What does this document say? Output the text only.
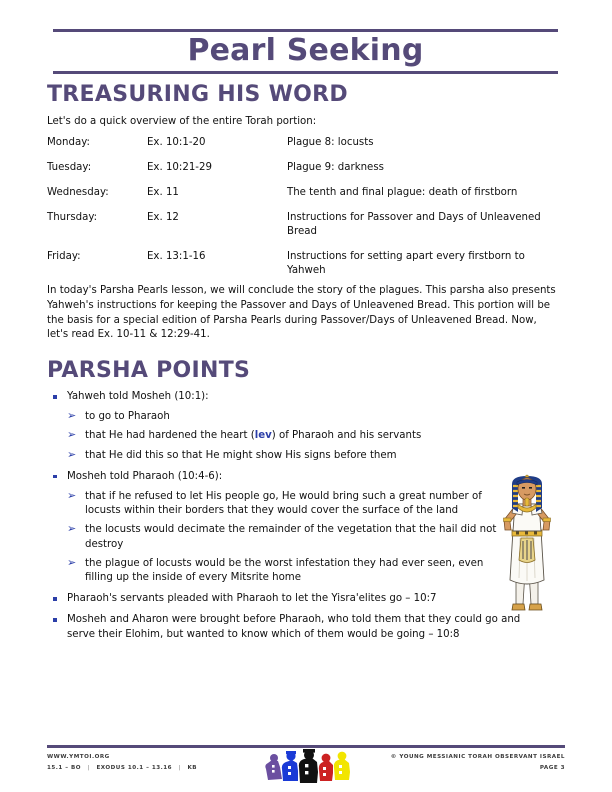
Pearl Seeking
TREASURING HIS WORD
Let's do a quick overview of the entire Torah portion:
Monday:	Ex. 10:1-20	Plague 8: locusts
Tuesday:	Ex. 10:21-29	Plague 9: darkness
Wednesday:	Ex. 11	The tenth and final plague: death of firstborn
Thursday:	Ex. 12	Instructions for Passover and Days of Unleavened Bread
Friday:	Ex. 13:1-16	Instructions for setting apart every firstborn to Yahweh
In today's Parsha Pearls lesson, we will conclude the story of the plagues. This parsha also presents Yahweh's instructions for keeping the Passover and Days of Unleavened Bread. This portion will be the basis for a special edition of Parsha Pearls during Passover/Days of Unleavened Bread. Now, let's read Ex. 10-11 & 12:29-41.
PARSHA POINTS
Yahweh told Mosheh (10:1):
➢ to go to Pharaoh
➢ that He had hardened the heart (lev) of Pharaoh and his servants
➢ that He did this so that He might show His signs before them
Mosheh told Pharaoh (10:4-6):
➢ that if he refused to let His people go, He would bring such a great number of locusts within their borders that they would cover the surface of the land
➢ the locusts would decimate the remainder of the vegetation that the hail did not destroy
➢ the plague of locusts would be the worst infestation they had ever seen, even filling up the inside of every Mitsrite home
Pharaoh's servants pleaded with Pharaoh to let the Yisra'elites go – 10:7
Mosheh and Aharon were brought before Pharaoh, who told them that they could go and serve their Elohim, but wanted to know which of them would be going – 10:8
WWW.YMTOI.ORG
15.1 – BO | EXODUS 10.1 – 13.16 | KB
© YOUNG MESSIANIC TORAH OBSERVANT ISRAEL
PAGE 3
